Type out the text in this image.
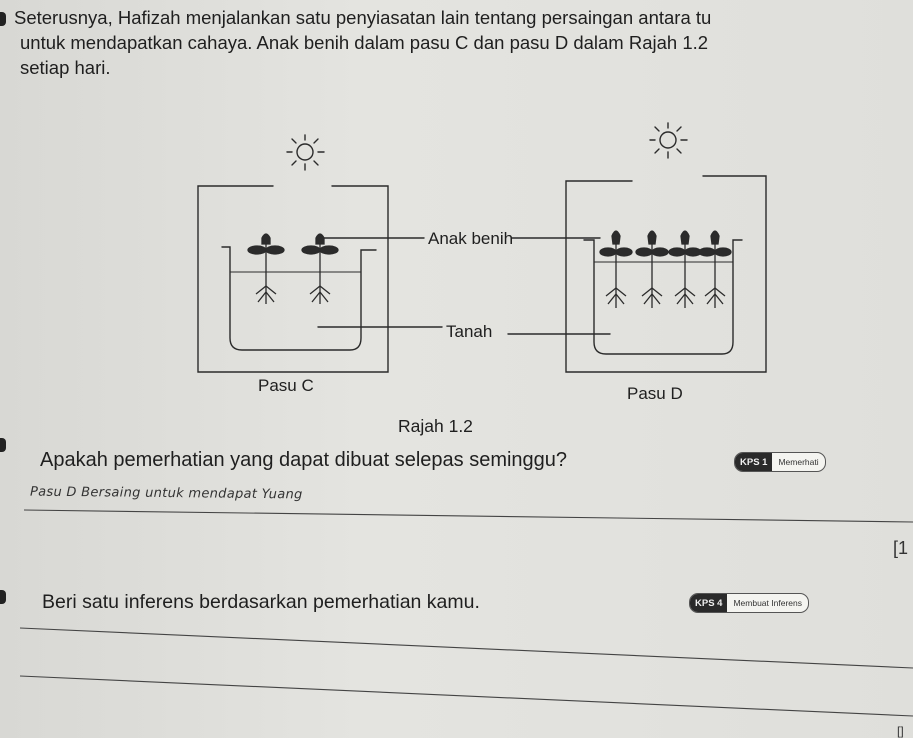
Seterusnya, Hafizah menjalankan satu penyiasatan lain tentang persaingan antara tu
untuk mendapatkan cahaya. Anak benih dalam pasu C dan pasu D dalam Rajah 1.2
setiap hari.
Anak benih
Tanah
Pasu C	Pasu D
Rajah 1.2
Apakah pemerhatian yang dapat dibuat selepas seminggu?	KPS 1	Memerhati
Pasu D Bersaing untuk mendapat Yuang
[1
Beri satu inferens berdasarkan pemerhatian kamu.	KPS 4	Membuat Inferens
[]
